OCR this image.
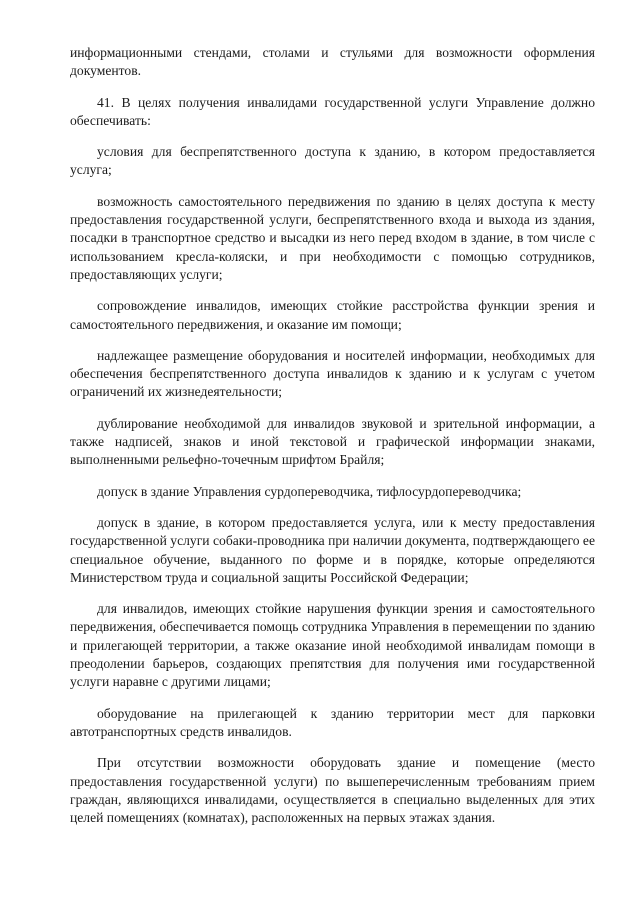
информационными стендами, столами и стульями для возможности оформления документов.

41. В целях получения инвалидами государственной услуги Управление должно обеспечивать:

условия для беспрепятственного доступа к зданию, в котором предоставляется услуга;

возможность самостоятельного передвижения по зданию в целях доступа к месту предоставления государственной услуги, беспрепятственного входа и выхода из здания, посадки в транспортное средство и высадки из него перед входом в здание, в том числе с использованием кресла-коляски, и при необходимости с помощью сотрудников, предоставляющих услуги;

сопровождение инвалидов, имеющих стойкие расстройства функции зрения и самостоятельного передвижения, и оказание им помощи;

надлежащее размещение оборудования и носителей информации, необходимых для обеспечения беспрепятственного доступа инвалидов к зданию и к услугам с учетом ограничений их жизнедеятельности;

дублирование необходимой для инвалидов звуковой и зрительной информации, а также надписей, знаков и иной текстовой и графической информации знаками, выполненными рельефно-точечным шрифтом Брайля;

допуск в здание Управления сурдопереводчика, тифлосурдопереводчика;

допуск в здание, в котором предоставляется услуга, или к месту предоставления государственной услуги собаки-проводника при наличии документа, подтверждающего ее специальное обучение, выданного по форме и в порядке, которые определяются Министерством труда и социальной защиты Российской Федерации;

для инвалидов, имеющих стойкие нарушения функции зрения и самостоятельного передвижения, обеспечивается помощь сотрудника Управления в перемещении по зданию и прилегающей территории, а также оказание иной необходимой инвалидам помощи в преодолении барьеров, создающих препятствия для получения ими государственной услуги наравне с другими лицами;

оборудование на прилегающей к зданию территории мест для парковки автотранспортных средств инвалидов.

При отсутствии возможности оборудовать здание и помещение (место предоставления государственной услуги) по вышеперечисленным требованиям прием граждан, являющихся инвалидами, осуществляется в специально выделенных для этих целей помещениях (комнатах), расположенных на первых этажах здания.
